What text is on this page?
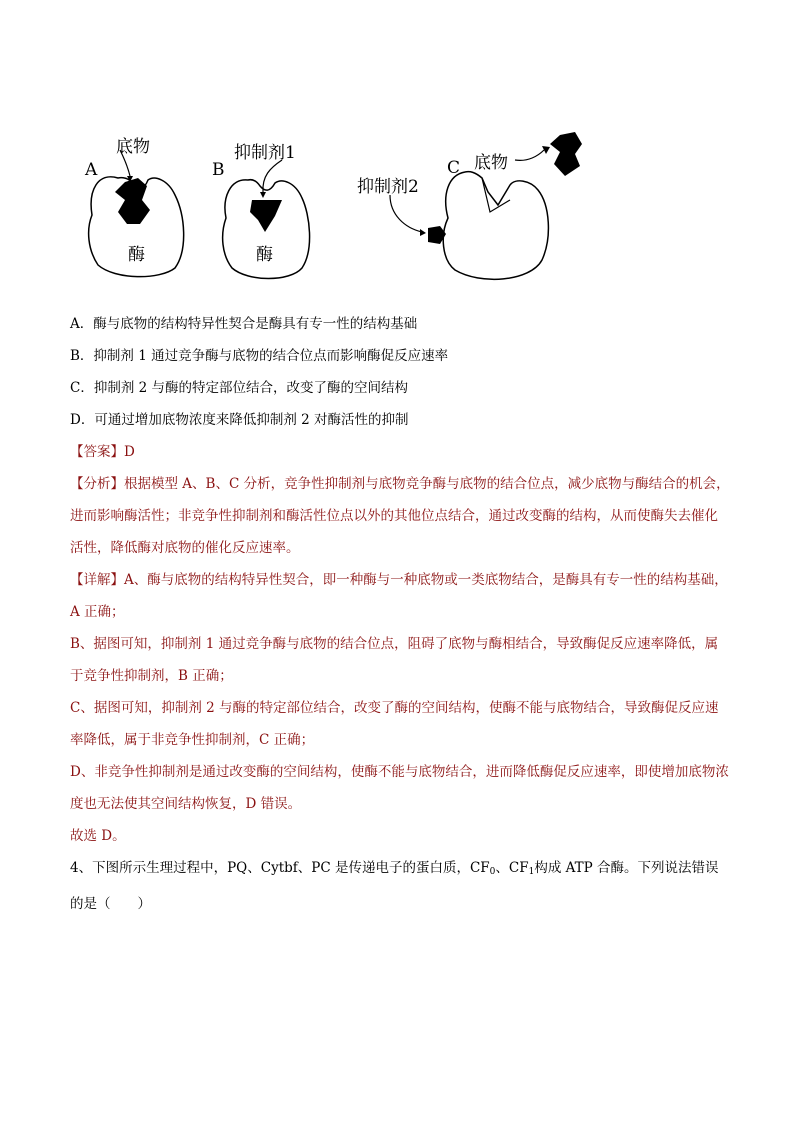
A
底物
酶
B
抑制剂1
酶
C 底物
抑制剂2
A．酶与底物的结构特异性契合是酶具有专一性的结构基础
B．抑制剂 1 通过竞争酶与底物的结合位点而影响酶促反应速率
C．抑制剂 2 与酶的特定部位结合，改变了酶的空间结构
D．可通过增加底物浓度来降低抑制剂 2 对酶活性的抑制
【答案】D
【分析】根据模型 A、B、C 分析，竞争性抑制剂与底物竞争酶与底物的结合位点，减少底物与酶结合的机会，进而影响酶活性；非竞争性抑制剂和酶活性位点以外的其他位点结合，通过改变酶的结构，从而使酶失去催化活性，降低酶对底物的催化反应速率。
【详解】A、酶与底物的结构特异性契合，即一种酶与一种底物或一类底物结合，是酶具有专一性的结构基础，A 正确；
B、据图可知，抑制剂 1 通过竞争酶与底物的结合位点，阻碍了底物与酶相结合，导致酶促反应速率降低，属于竞争性抑制剂，B 正确；
C、据图可知，抑制剂 2 与酶的特定部位结合，改变了酶的空间结构，使酶不能与底物结合，导致酶促反应速率降低，属于非竞争性抑制剂，C 正确；
D、非竞争性抑制剂是通过改变酶的空间结构，使酶不能与底物结合，进而降低酶促反应速率，即使增加底物浓度也无法使其空间结构恢复，D 错误。
故选 D。
4、下图所示生理过程中，PQ、Cytbf、PC 是传递电子的蛋白质，$CF_0$、$CF_1$构成 ATP 合酶。下列说法错误的是（　　）
